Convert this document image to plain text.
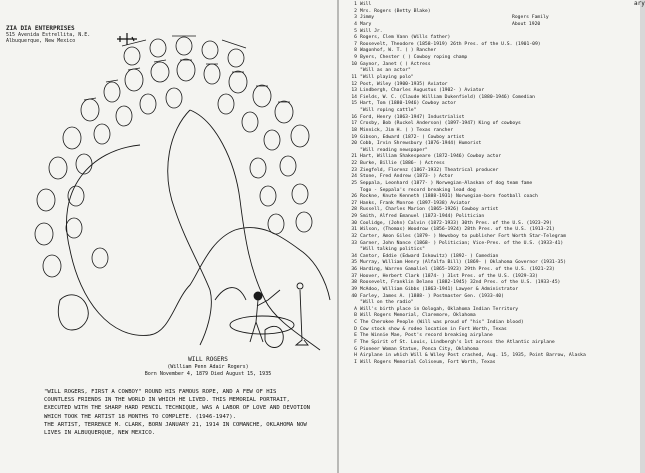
ZIA DIA ENTERPRISES
515 Avenida Estrellita, N.E.
Albuquerque, New Mexico
WILL ROGERS
(William Penn Adair Rogers)
Born November 4, 1879 Died August 15, 1935
"WILL ROGERS, FIRST A COWBOY" ROUND HIS FAMOUS ROPE, AND A FEW OF HIS
COUNTLESS FRIENDS IN THE WORLD IN WHICH HE LIVED. THIS MEMORIAL PORTRAIT,
EXECUTED WITH THE SHARP HARD PENCIL TECHNIQUE, WAS A LABOR OF LOVE AND DEVOTION
WHICH TOOK THE ARTIST 18 MONTHS TO COMPLETE. (1946-1947).
THE ARTIST, TERRENCE M. CLARK, BORN JANUARY 21, 1914 IN COMANCHE, OKLAHOMA NOW
LIVES IN ALBUQUERQUE, NEW MEXICO.
ary
1 Will
2 Mrs. Rogers (Betty Blake)
3 Jimmy	Rogers Family
4 Mary	About 1920
5 Will Jr.
6 Rogers, Clem Vann (Wills father)
7 Roosevelt, Theodore (1858-1919) 26th Pres. of the U.S. (1901-09)
8 Wagonhof, W. T. ( ) Rancher
9 Byers, Chester ( ) Cowboy roping champ
10 Gaynor, Janet ( ) Actress
"Will as an actor"
11 "Will playing polo"
12 Post, Wiley (1900-1935) Aviator
13 Lindbergh, Charles Augustus (1902- ) Aviator
14 Fields, W. C. (Claude William Dukenfield) (1880-1946) Comedian
15 Hart, Tom (1880-1946) Cowboy actor
"Will roping cattle"
16 Ford, Henry (1863-1947) Industrialist
17 Crosby, Bob (Ruckel Anderson) (1897-1947) King of cowboys
18 Minnick, Jim H. ( ) Texas rancher
19 Gibson, Edward (1872- ) Cowboy artist
20 Cobb, Irvin Shrewsbury (1876-1944) Humorist
"Will reading newspaper"
21 Hart, William Shakespeare (1872-1946) Cowboy actor
22 Burke, Billie (1886- ) Actress
23 Ziegfeld, Florenz (1867-1932) Theatrical producer
24 Stone, Fred Andrew (1873- ) Actor
25 Seppala, Leonhard (1877- ) Norwegian-Alaskan of dog team fame
Togo - Seppala's record breaking lead dog
26 Rockne, Knute Kenneth (1888-1931) Norwegian-born football coach
27 Hanks, Frank Monroe (1897-1938) Aviator
28 Russell, Charles Marion (1865-1926) Cowboy artist
29 Smith, Alfred Emanuel (1873-1944) Politician
30 Coolidge, (John) Calvin (1872-1933) 30th Pres. of the U.S. (1923-29)
31 Wilson, (Thomas) Woodrow (1856-1924) 28th Pres. of the U.S. (1913-21)
32 Carter, Amon Giles (1879- ) Newsboy to publisher Fort Worth Star-Telegram
33 Garner, John Nance (1868- ) Politician; Vice-Pres. of the U.S. (1933-41)
"Will talking politics"
34 Cantor, Eddie (Edward Iskowitz) (1892- ) Comedian
35 Murray, William Henry (Alfalfa Bill) (1869- ) Oklahoma Governor (1931-35)
36 Harding, Warren Gamaliel (1865-1923) 29th Pres. of the U.S. (1921-23)
37 Hoover, Herbert Clark (1874- ) 31st Pres. of the U.S. (1929-33)
38 Roosevelt, Franklin Delano (1882-1945) 32nd Pres. of the U.S. (1933-45)
39 McAdoo, William Gibbs (1863-1941) Lawyer & Administrator
40 Farley, James A. (1888- ) Postmaster Gen. (1933-40)
"Will on the radio"
A Will's birth place in Oologah, Oklahoma Indian Territory
B Will Rogers Memorial, Claremore, Oklahoma
C The Cherokee People (Will was proud of "his" Indian blood)
D Cow stock show & rodeo location in Fort Worth, Texas
E The Winnie Mae, Post's record breaking airplane
F The Spirit of St. Louis, Lindbergh's 1st across the Atlantic airplane
G Pioneer Woman Statue, Ponca City, Oklahoma
H Airplane in which Will & Wiley Post crashed, Aug. 15, 1935, Point Barrow, Alaska
I Will Rogers Memorial Coliseum, Fort Worth, Texas
